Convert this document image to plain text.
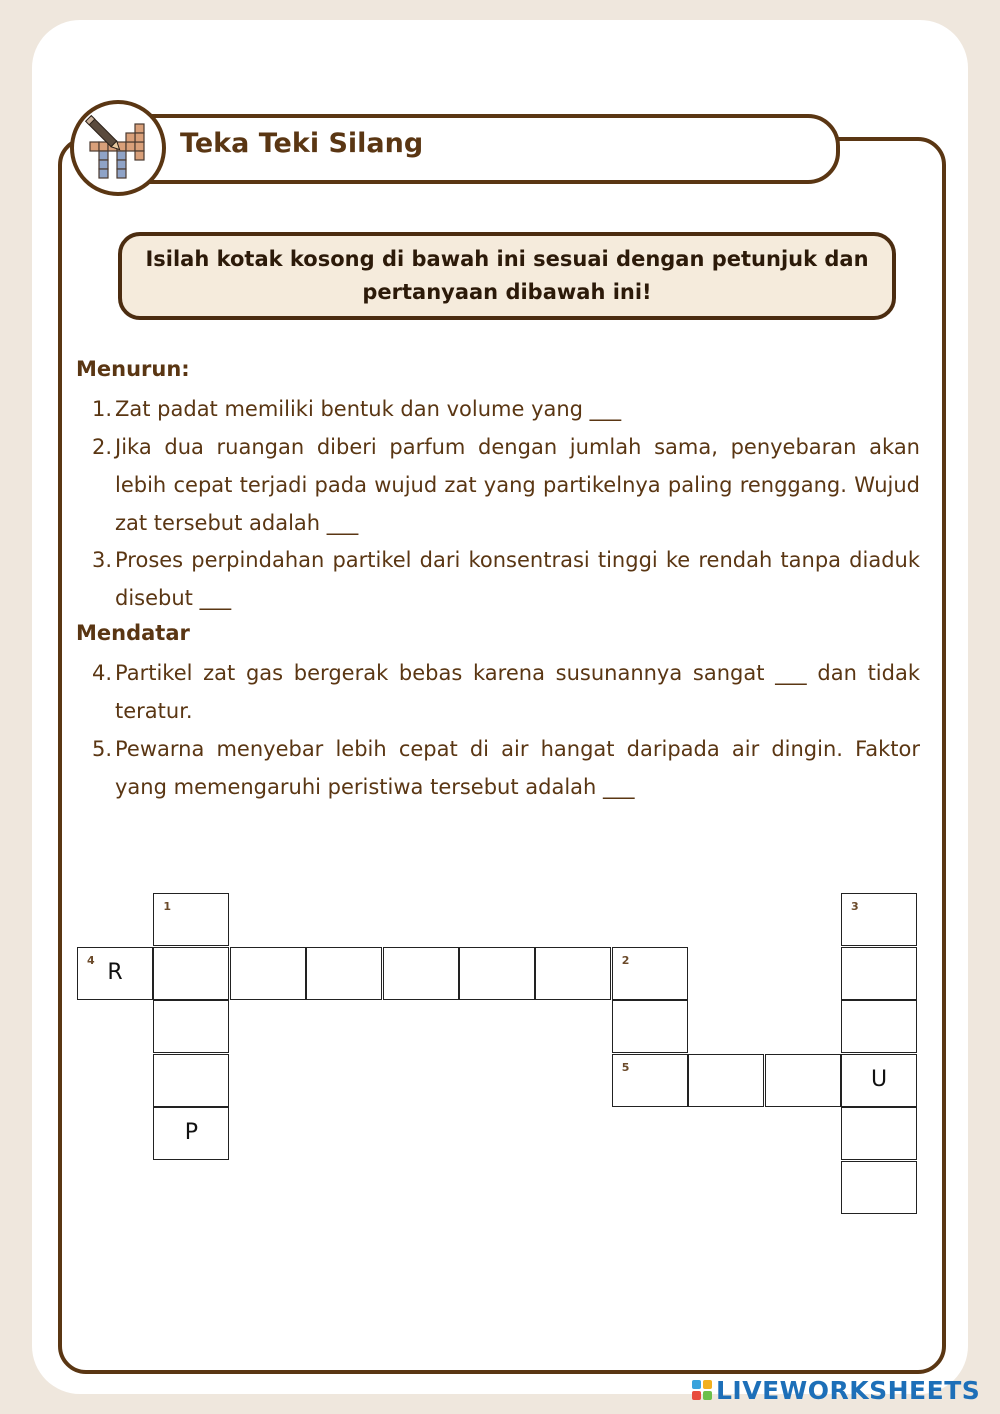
Teka Teki Silang
Isilah kotak kosong di bawah ini sesuai dengan petunjuk dan pertanyaan dibawah ini!
Menurun:
1. Zat padat memiliki bentuk dan volume yang ___
2. Jika dua ruangan diberi parfum dengan jumlah sama, penyebaran akan lebih cepat terjadi pada wujud zat yang partikelnya paling renggang. Wujud zat tersebut adalah ___
3. Proses perpindahan partikel dari konsentrasi tinggi ke rendah tanpa diaduk disebut ___
Mendatar
4. Partikel zat gas bergerak bebas karena susunannya sangat ___ dan tidak teratur.
5. Pewarna menyebar lebih cepat di air hangat daripada air dingin. Faktor yang memengaruhi peristiwa tersebut adalah ___
1	3
4 R	2
5	U
P
LIVEWORKSHEETS
